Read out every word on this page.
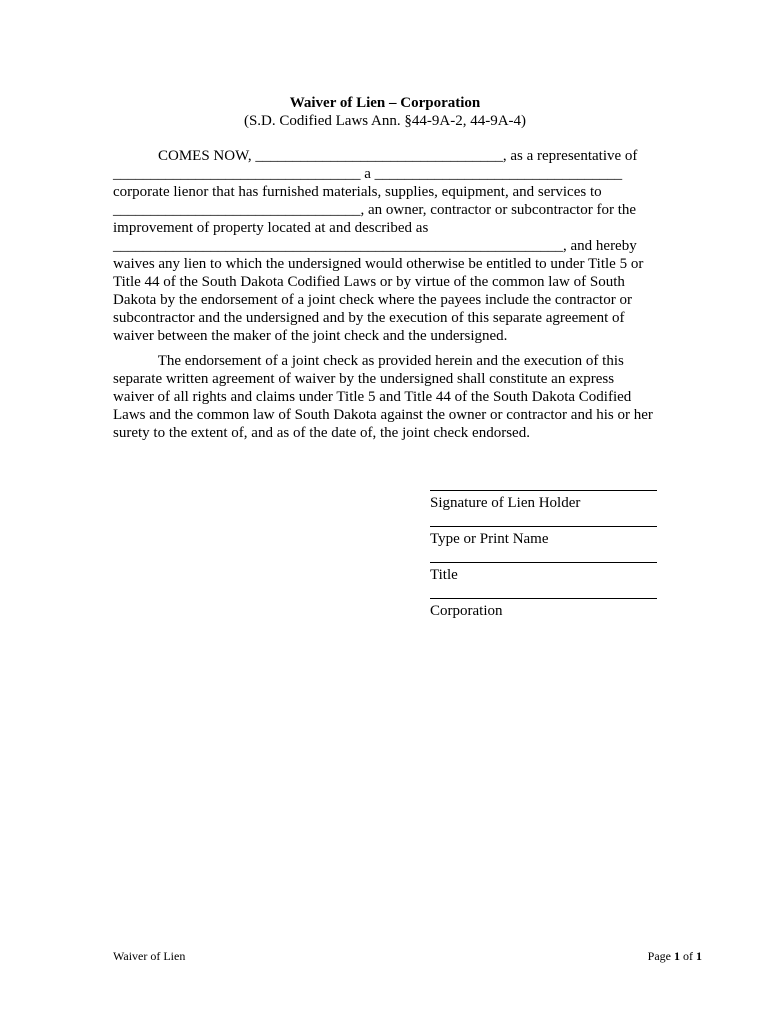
Waiver of Lien – Corporation
(S.D. Codified Laws Ann. §44-9A-2, 44-9A-4)
COMES NOW, _________________________________, as a representative of
_________________________________ a _________________________________
corporate lienor that has furnished materials, supplies, equipment, and services to
_________________________________, an owner, contractor or subcontractor for the
improvement of property located at and described as
____________________________________________________________, and hereby
waives any lien to which the undersigned would otherwise be entitled to under Title 5 or
Title 44 of the South Dakota Codified Laws or by virtue of the common law of South
Dakota by the endorsement of a joint check where the payees include the contractor or
subcontractor and the undersigned and by the execution of this separate agreement of
waiver between the maker of the joint check and the undersigned.
The endorsement of a joint check as provided herein and the execution of this
separate written agreement of waiver by the undersigned shall constitute an express
waiver of all rights and claims under Title 5 and Title 44 of the South Dakota Codified
Laws and the common law of South Dakota against the owner or contractor and his or her
surety to the extent of, and as of the date of, the joint check endorsed.
Signature of Lien Holder
Type or Print Name
Title
Corporation
Waiver of Lien	Page 1 of 1
